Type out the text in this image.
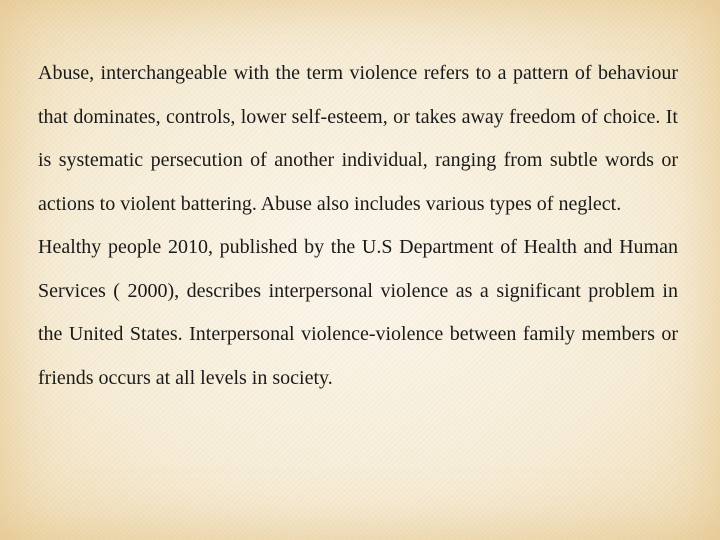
Abuse, interchangeable with the term violence refers to a pattern of behaviour that dominates, controls, lower self-esteem, or takes away freedom of choice. It is systematic persecution of another individual, ranging from subtle words or actions to violent battering. Abuse also includes various types of neglect.

Healthy people 2010, published by the U.S Department of Health and Human Services ( 2000), describes interpersonal violence as a significant problem in the United States. Interpersonal violence-violence between family members or friends occurs at all levels in society.
